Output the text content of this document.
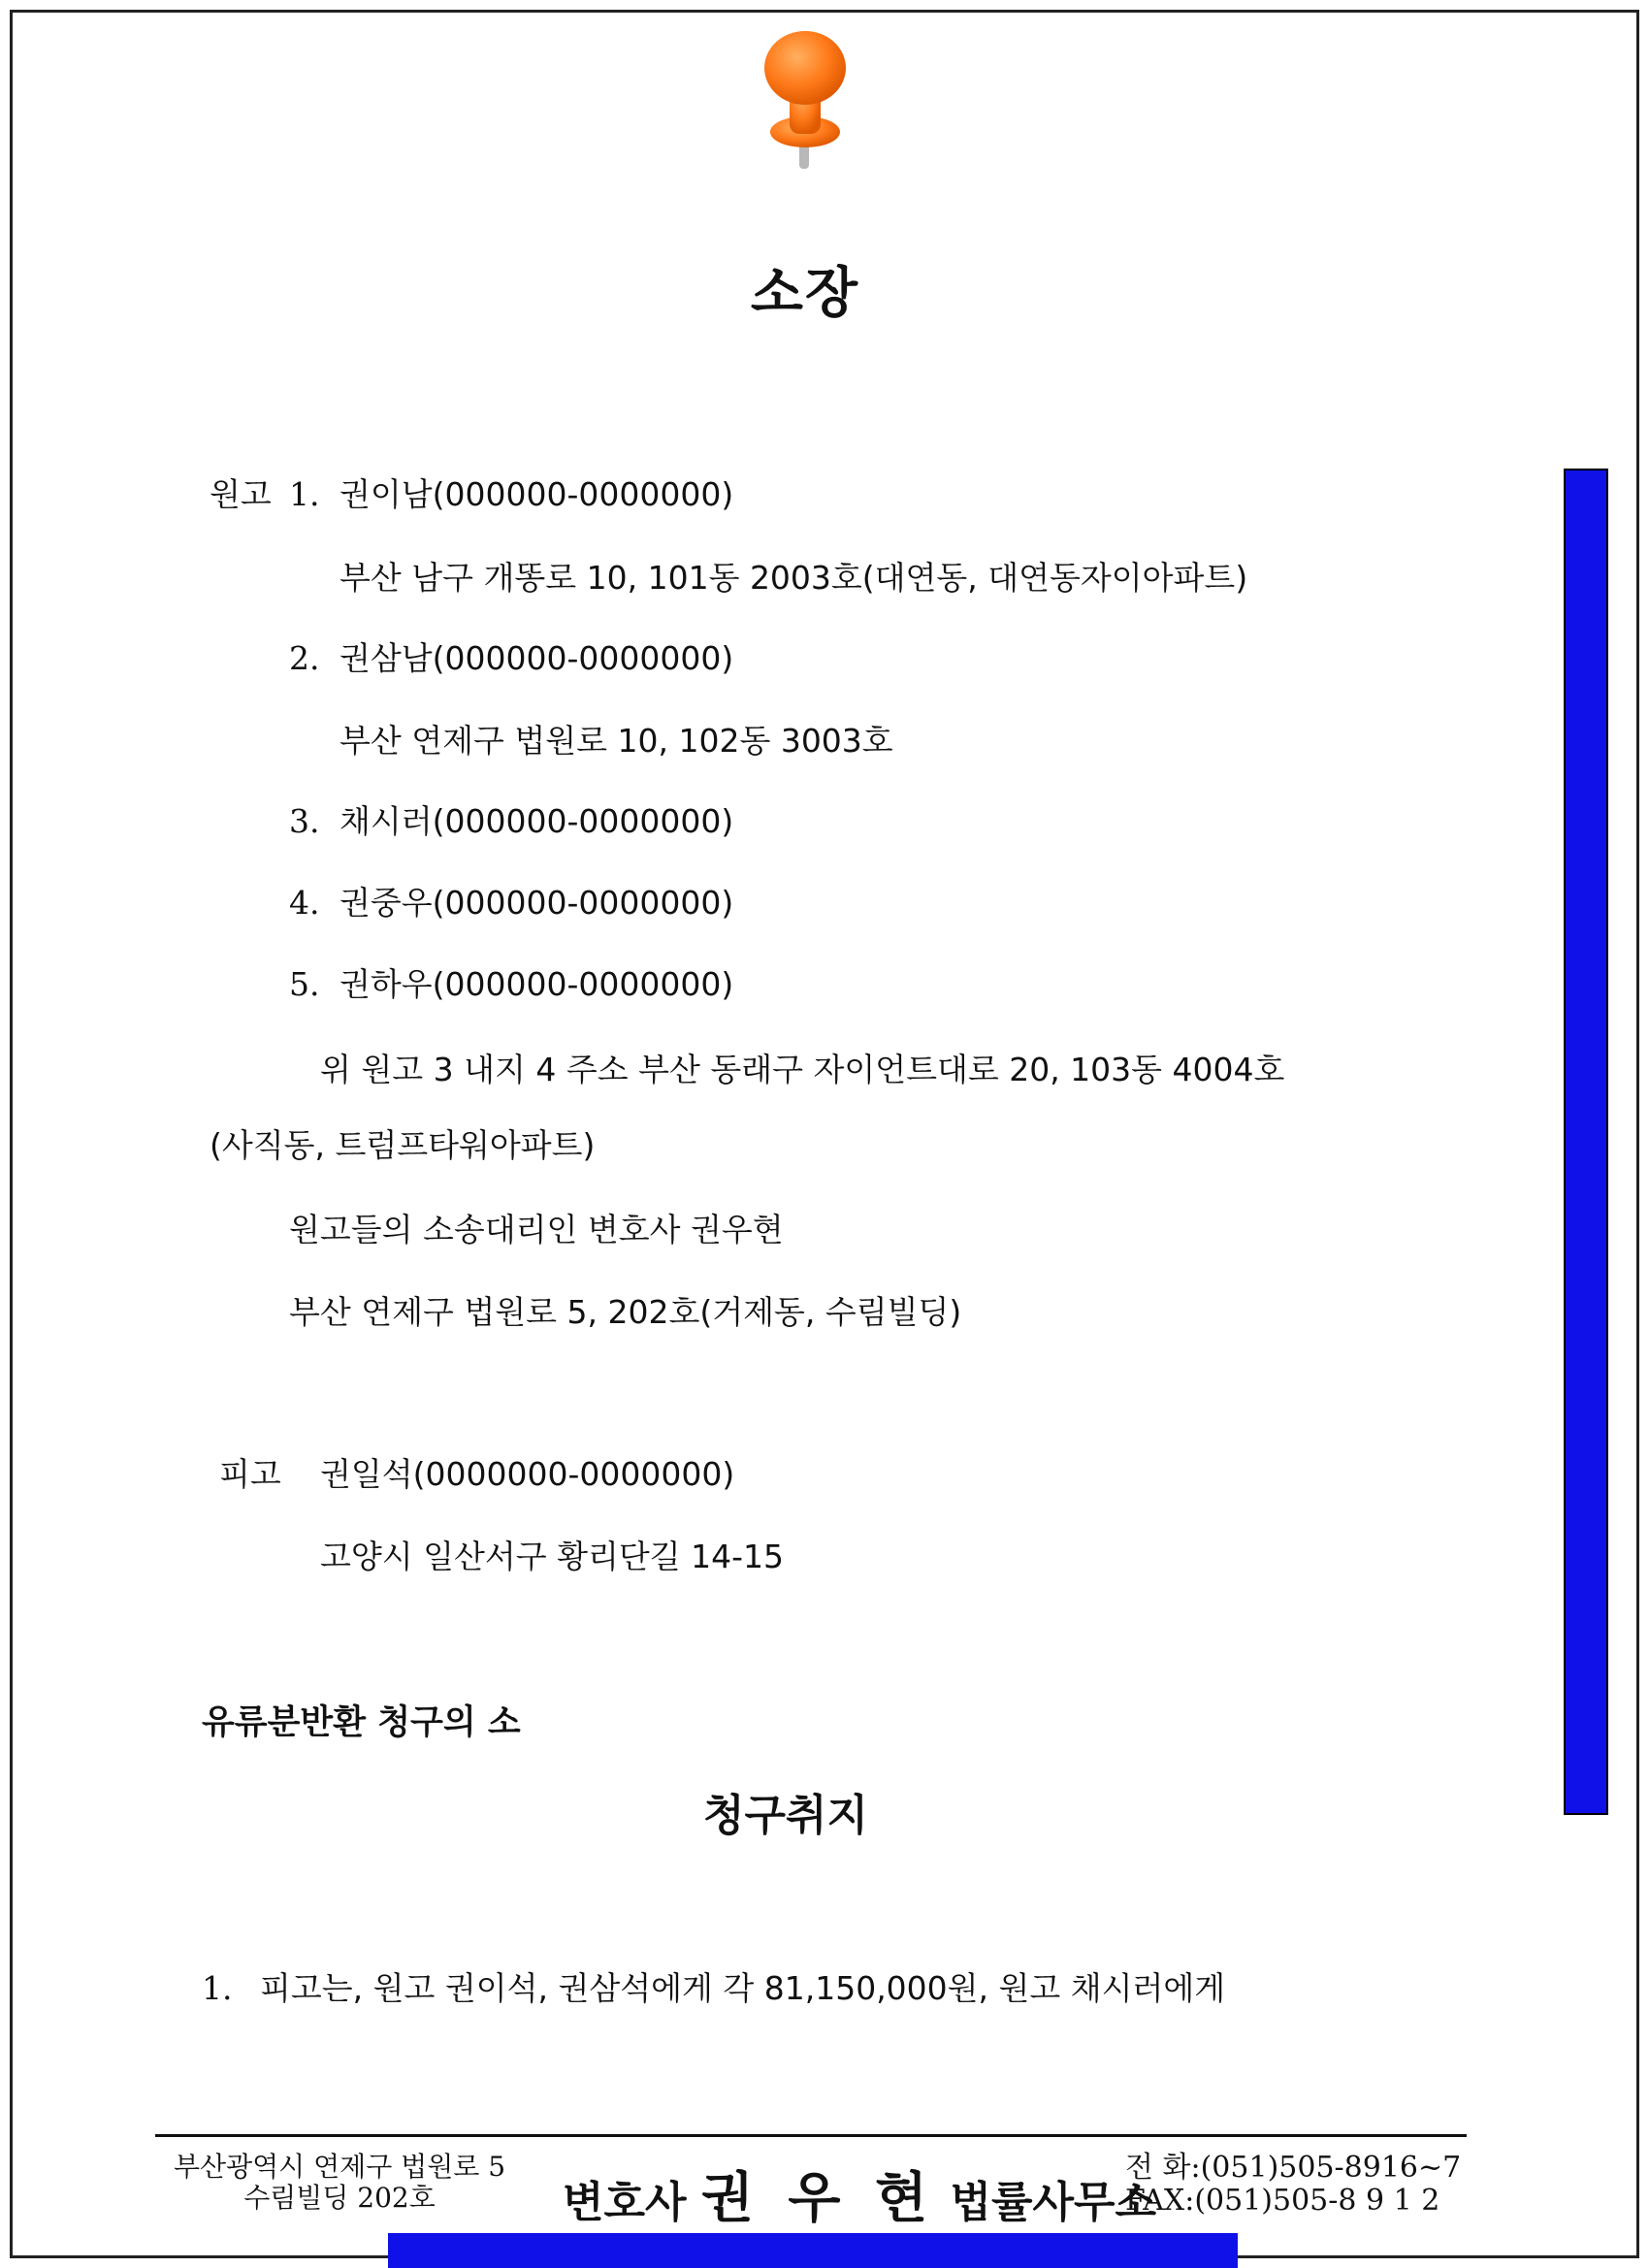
소장
원고 1. 권이남(000000-0000000)
부산 남구 개똥로 10, 101동 2003호(대연동, 대연동자이아파트)
2. 권삼남(000000-0000000)
부산 연제구 법원로 10, 102동 3003호
3. 채시러(000000-0000000)
4. 권중우(000000-0000000)
5. 권하우(000000-0000000)
위 원고 3 내지 4 주소 부산 동래구 자이언트대로 20, 103동 4004호
(사직동, 트럼프타워아파트)
원고들의 소송대리인 변호사 권우현
부산 연제구 법원로 5, 202호(거제동, 수림빌딩)
피고 권일석(0000000-0000000)
고양시 일산서구 황리단길 14-15
유류분반환 청구의 소
청구취지
1. 피고는, 원고 권이석, 권삼석에게 각 81,150,000원, 원고 채시러에게
부산광역시 연제구 법원로 5
수림빌딩 202호	변호사 권 우 현 법률사무소
전 화:(051)505-8916~7
FAX:(051)505-8 9 1 2
